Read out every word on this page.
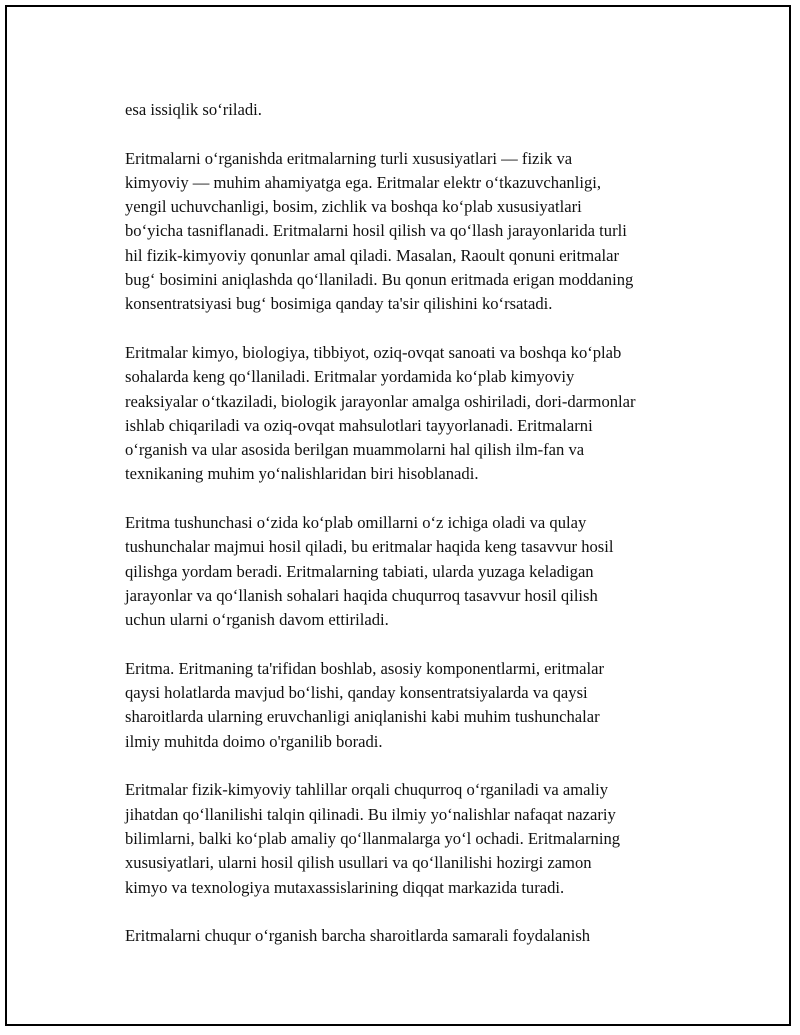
esa issiqlik so‘riladi.
Eritmalarni o‘rganishda eritmalarning turli xususiyatlari — fizik va
kimyoviy — muhim ahamiyatga ega. Eritmalar elektr o‘tkazuvchanligi,
yengil uchuvchanligi, bosim, zichlik va boshqa ko‘plab xususiyatlari
bo‘yicha tasniflanadi. Eritmalarni hosil qilish va qo‘llash jarayonlarida turli
hil fizik-kimyoviy qonunlar amal qiladi. Masalan, Raoult qonuni eritmalar
bug‘ bosimini aniqlashda qo‘llaniladi. Bu qonun eritmada erigan moddaning
konsentratsiyasi bug‘ bosimiga qanday ta'sir qilishini ko‘rsatadi.
Eritmalar kimyo, biologiya, tibbiyot, oziq-ovqat sanoati va boshqa ko‘plab
sohalarda keng qo‘llaniladi. Eritmalar yordamida ko‘plab kimyoviy
reaksiyalar o‘tkaziladi, biologik jarayonlar amalga oshiriladi, dori-darmonlar
ishlab chiqariladi va oziq-ovqat mahsulotlari tayyorlanadi. Eritmalarni
o‘rganish va ular asosida berilgan muammolarni hal qilish ilm-fan va
texnikaning muhim yo‘nalishlaridan biri hisoblanadi.
Eritma tushunchasi o‘zida ko‘plab omillarni o‘z ichiga oladi va qulay
tushunchalar majmui hosil qiladi, bu eritmalar haqida keng tasavvur hosil
qilishga yordam beradi. Eritmalarning tabiati, ularda yuzaga keladigan
jarayonlar va qo‘llanish sohalari haqida chuqurroq tasavvur hosil qilish
uchun ularni o‘rganish davom ettiriladi.
Eritma. Eritmaning ta'rifidan boshlab, asosiy komponentlarmi, eritmalar
qaysi holatlarda mavjud bo‘lishi, qanday konsentratsiyalarda va qaysi
sharoitlarda ularning eruvchanligi aniqlanishi kabi muhim tushunchalar
ilmiy muhitda doimo o'rganilib boradi.
Eritmalar fizik-kimyoviy tahlillar orqali chuqurroq o‘rganiladi va amaliy
jihatdan qo‘llanilishi talqin qilinadi. Bu ilmiy yo‘nalishlar nafaqat nazariy
bilimlarni, balki ko‘plab amaliy qo‘llanmalarga yo‘l ochadi. Eritmalarning
xususiyatlari, ularni hosil qilish usullari va qo‘llanilishi hozirgi zamon
kimyo va texnologiya mutaxassislarining diqqat markazida turadi.
Eritmalarni chuqur o‘rganish barcha sharoitlarda samarali foydalanish
